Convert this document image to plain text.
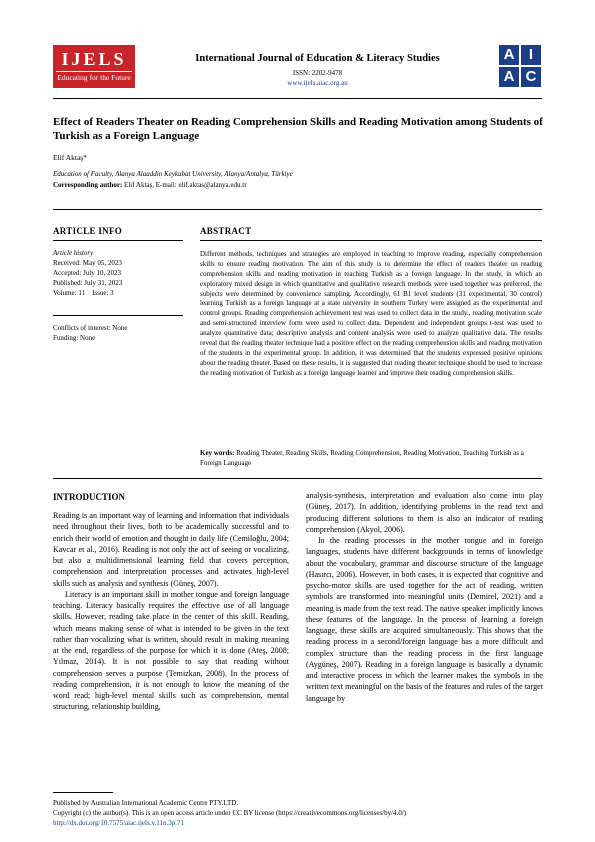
IJELS
Educating for the Future
International Journal of Education & Literacy Studies
ISSN: 2202-9478
www.ijels.aiac.org.au
A I
A C
Effect of Readers Theater on Reading Comprehension Skills and Reading Motivation among Students of Turkish as a Foreign Language
Elif Aktaş*
Education of Faculty, Alanya Alaaddin Keykubat University, Alanya/Antalya, Türkiye
Corresponding author: Elif Aktaş, E-mail: elif.aktas@alanya.edu.tr
ARTICLE INFO
Article history
Received: May 05, 2023
Accepted: July 10, 2023
Published: July 31, 2023
Volume: 11    Issue: 3
Conflicts of interest: None
Funding: None
ABSTRACT
Different methods, techniques and strategies are employed in teaching to improve reading, especially comprehension skills to ensure reading motivation. The aim of this study is to determine the effect of readers theater on reading comprehension skills and reading motivation in teaching Turkish as a foreign language. In the study, in which an exploratory mixed design in which quantitative and qualitative research methods were used together was preferred, the subjects were determined by convenience sampling. Accordingly, 61 B1 level students (31 experimental, 30 control) learning Turkish as a foreign language at a state university in southern Turkey were assigned as the experimental and control groups. Reading comprehension achievement test was used to collect data in the study., reading motivation scale and semi-structured interview form were used to collect data. Dependent and independent groups t-test was used to analyze quantitative data; descriptive analysis and content analysis were used to analyze qualitative data. The results reveal that the reading theater technique had a positive effect on the reading comprehension skills and reading motivation of the students in the experimental group. In addition, it was determined that the students expressed positive opinions about the reading theater. Based on these results, it is suggested that reading theater technique should be used to increase the reading motivation of Turkish as a foreign language learner and improve their reading comprehension skills.
Key words: Reading Theater, Reading Skills, Reading Comprehension, Reading Motivation, Teaching Turkish as a Foreign Language
INTRODUCTION

Reading is an important way of learning and information that individuals need throughout their lives, both to be academically successful and to enrich their world of emotion and thought in daily life (Cemiloğlu, 2004; Kavcar et al., 2016). Reading is not only the act of seeing or vocalizing, but also a multidimensional learning field that covers perception, comprehension and interpretation processes and activates high-level skills such as analysis and synthesis (Güneş, 2007).

Literacy is an important skill in mother tongue and foreign language teaching. Literacy basically requires the effective use of all language skills. However, reading take place in the center of this skill. Reading, which means making sense of what is intended to be given in the text rather than vocalizing what is written, should result in making meaning at the end, regardless of the purpose for which it is done (Ateş, 2008; Yılmaz, 2014). It is not possible to say that reading without comprehension serves a purpose (Temizkan, 2008). In the process of reading comprehension, it is not enough to know the meaning of the word read; high-level mental skills such as comprehension, mental structuring, relationship building,

analysis-synthesis, interpretation and evaluation also come into play (Güneş, 2017). In addition, identifying problems in the read text and producing different solutions to them is also an indicator of reading comprehension (Akyol, 2006).

In the reading processes in the mother tongue and in foreign languages, students have different backgrounds in terms of knowledge about the vocabulary, grammar and discourse structure of the language (Hasırcı, 2006). However, in both cases, it is expected that cognitive and psycho-motor skills are used together for the act of reading, written symbols are transformed into meaningful units (Demirel, 2021) and a meaning is made from the text read. The native speaker implicitly knows these features of the language. In the process of learning a foreign language, these skills are acquired simultaneously. This shows that the reading process in a second/foreign language has a more difficult and complex structure than the reading process in the first language (Aygüneş, 2007). Reading in a foreign language is basically a dynamic and interactive process in which the learner makes the symbols in the written text meaningful on the basis of the features and rules of the target language by

Published by Australian International Academic Centre PTY.LTD.
Copyright (c) the author(s). This is an open access article under CC BY license (https://creativecommons.org/licenses/by/4.0/)
http://dx.doi.org/10.7575/aiac.ijels.v.11n.3p.71
